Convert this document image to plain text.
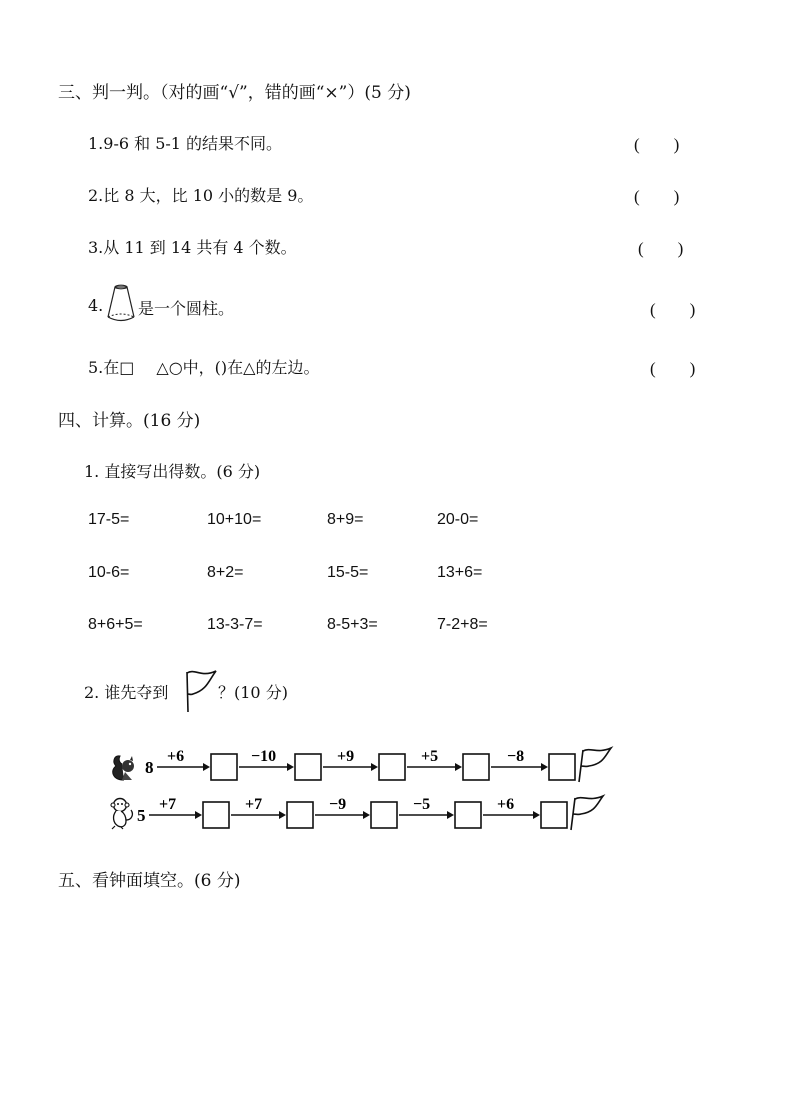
三、判一判。（对的画“√”，错的画“×”）(5 分)
1.9-6 和 5-1 的结果不同。	(　　)
2.比 8 大，比 10 小的数是 9。	(　　)
3.从 11 到 14 共有 4 个数。	(　　)
4. 是一个圆柱。	(　　)
5.在□ △○中，()在△的左边。	(　　)
四、计算。(16 分)
1. 直接写出得数。(6 分)
17-5=	10+10=	8+9=	20-0=
10-6=	8+2=	15-5=	13+6=
8+6+5=	13-3-7=	8-5+3=	7-2+8=
2. 谁先夺到	？(10 分)
8
+6	−10	+9	+5	−8
5
+7	+7	−9	−5	+6
五、看钟面填空。(6 分)
